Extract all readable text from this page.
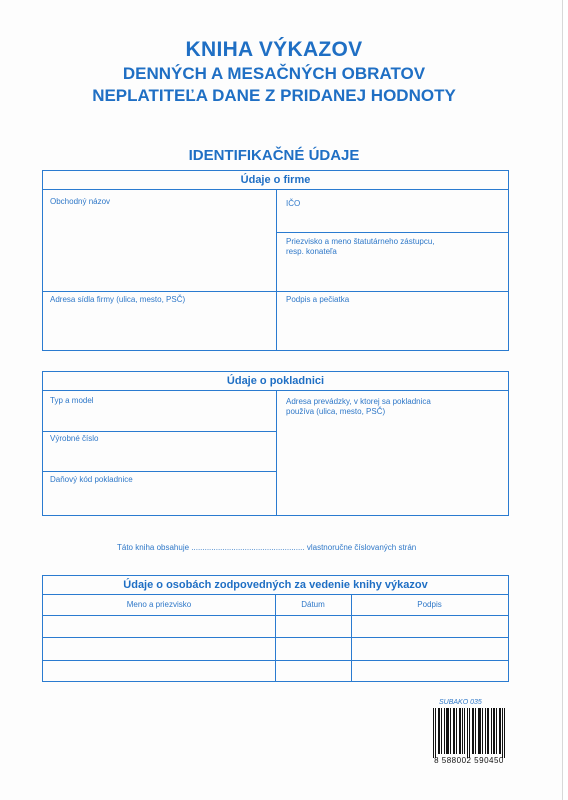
KNIHA VÝKAZOV
DENNÝCH A MESAČNÝCH OBRATOV
NEPLATITEĽA DANE Z PRIDANEJ HODNOTY
IDENTIFIKAČNÉ ÚDAJE
Údaje o firme
Obchodný názov	IČO
Priezvisko a meno štatutárneho zástupcu,
resp. konateľa
Adresa sídla firmy (ulica, mesto, PSČ)	Podpis a pečiatka
Údaje o pokladnici
Typ a model
Výrobné číslo
Daňový kód pokladnice
Adresa prevádzky, v ktorej sa pokladnica
používa (ulica, mesto, PSČ)
Táto kniha obsahuje ................................................... vlastnoručne číslovaných strán
Údaje o osobách zodpovedných za vedenie knihy výkazov
Meno a priezvisko	Dátum	Podpis
SUBAKO 035
8 588002 590450
